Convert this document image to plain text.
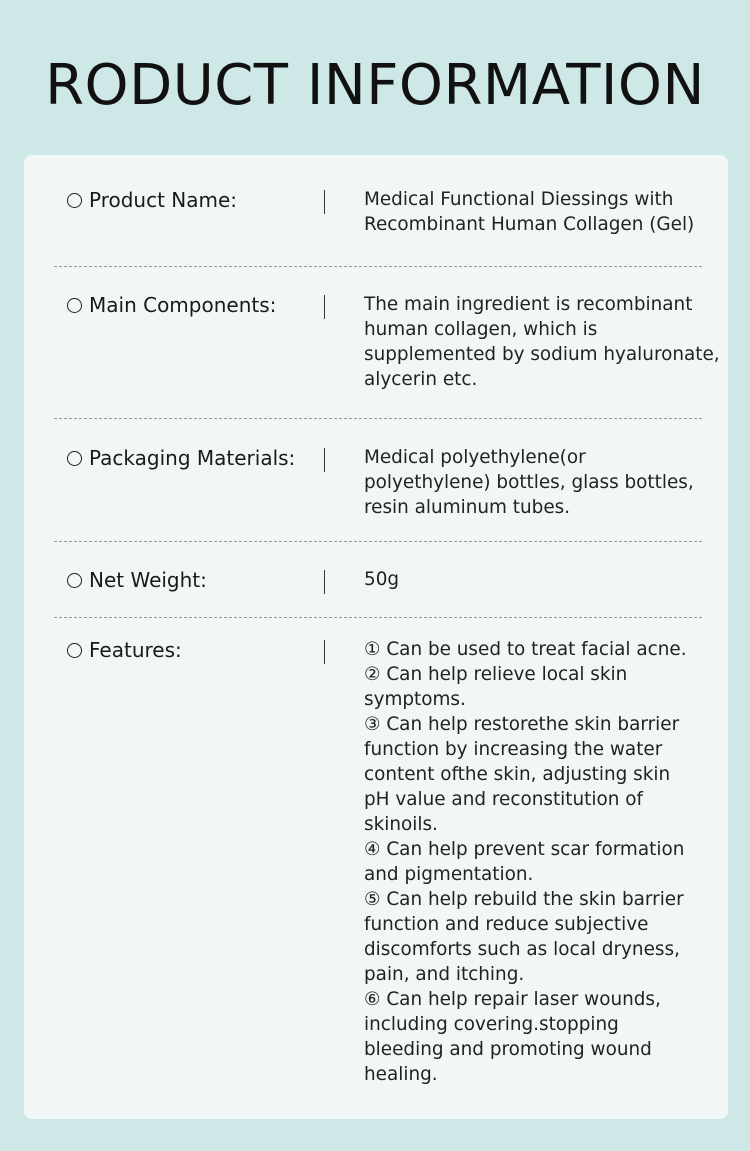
RODUCT INFORMATION
Product Name:	Medical Functional Diessings with
Recombinant Human Collagen (Gel)
Main Components:	The main ingredient is recombinant
human collagen, which is
supplemented by sodium hyaluronate,
alycerin etc.
Packaging Materials:	Medical polyethylene(or
polyethylene) bottles, glass bottles,
resin aluminum tubes.
Net Weight:	50g
Features:	① Can be used to treat facial acne.
② Can help relieve local skin
symptoms.
③ Can help restorethe skin barrier
function by increasing the water
content ofthe skin, adjusting skin
pH value and reconstitution of
skinoils.
④ Can help prevent scar formation
and pigmentation.
⑤ Can help rebuild the skin barrier
function and reduce subjective
discomforts such as local dryness,
pain, and itching.
⑥ Can help repair laser wounds,
including covering.stopping
bleeding and promoting wound
healing.
